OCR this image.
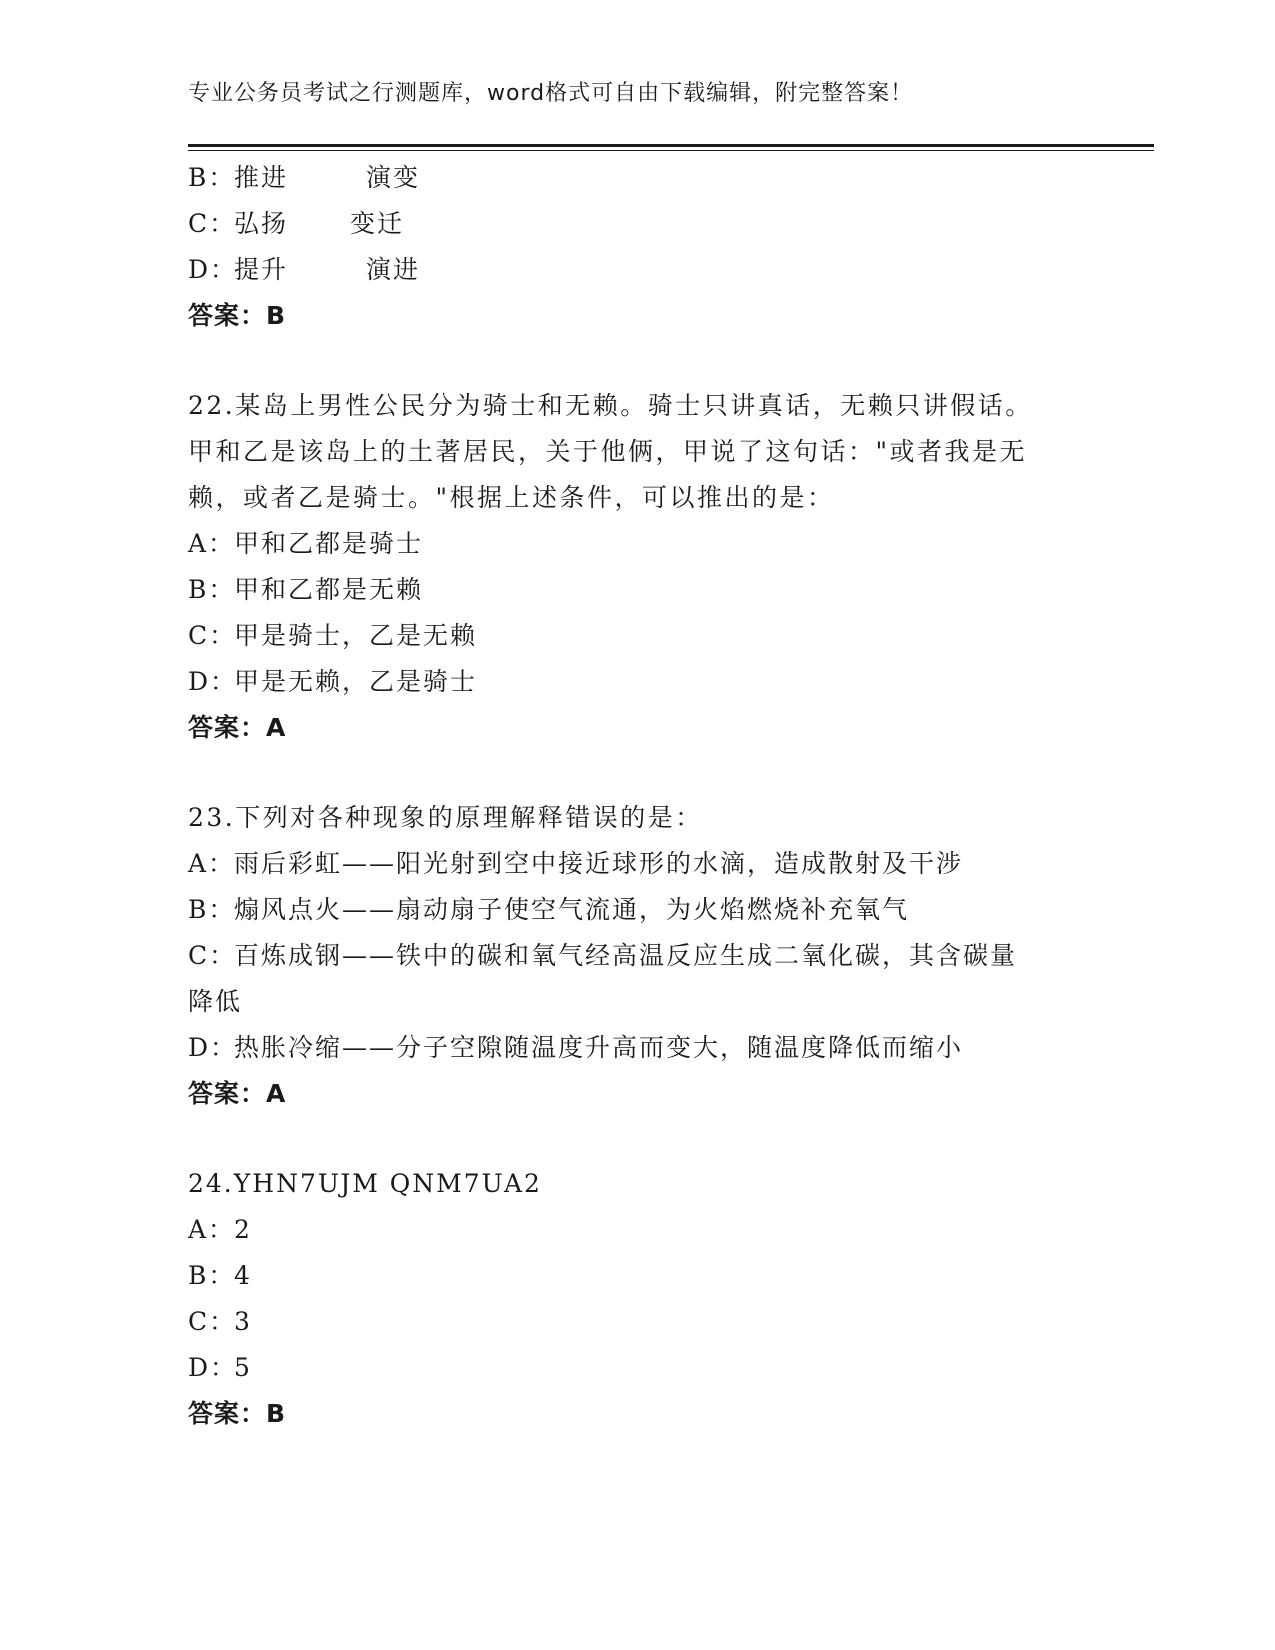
专业公务员考试之行测题库，word格式可自由下载编辑，附完整答案！
B：推进	演变
C：弘扬 变迁
D：提升	演进
答案：B
22.某岛上男性公民分为骑士和无赖。骑士只讲真话，无赖只讲假话。
甲和乙是该岛上的土著居民，关于他俩，甲说了这句话："或者我是无
赖，或者乙是骑士。"根据上述条件，可以推出的是：
A：甲和乙都是骑士
B：甲和乙都是无赖
C：甲是骑士，乙是无赖
D：甲是无赖，乙是骑士
答案：A
23.下列对各种现象的原理解释错误的是：
A：雨后彩虹——阳光射到空中接近球形的水滴，造成散射及干涉
B：煽风点火——扇动扇子使空气流通，为火焰燃烧补充氧气
C：百炼成钢——铁中的碳和氧气经高温反应生成二氧化碳，其含碳量
降低
D：热胀冷缩——分子空隙随温度升高而变大，随温度降低而缩小
答案：A
24.YHN7UJM QNM7UA2
A：2
B：4
C：3
D：5
答案：B
